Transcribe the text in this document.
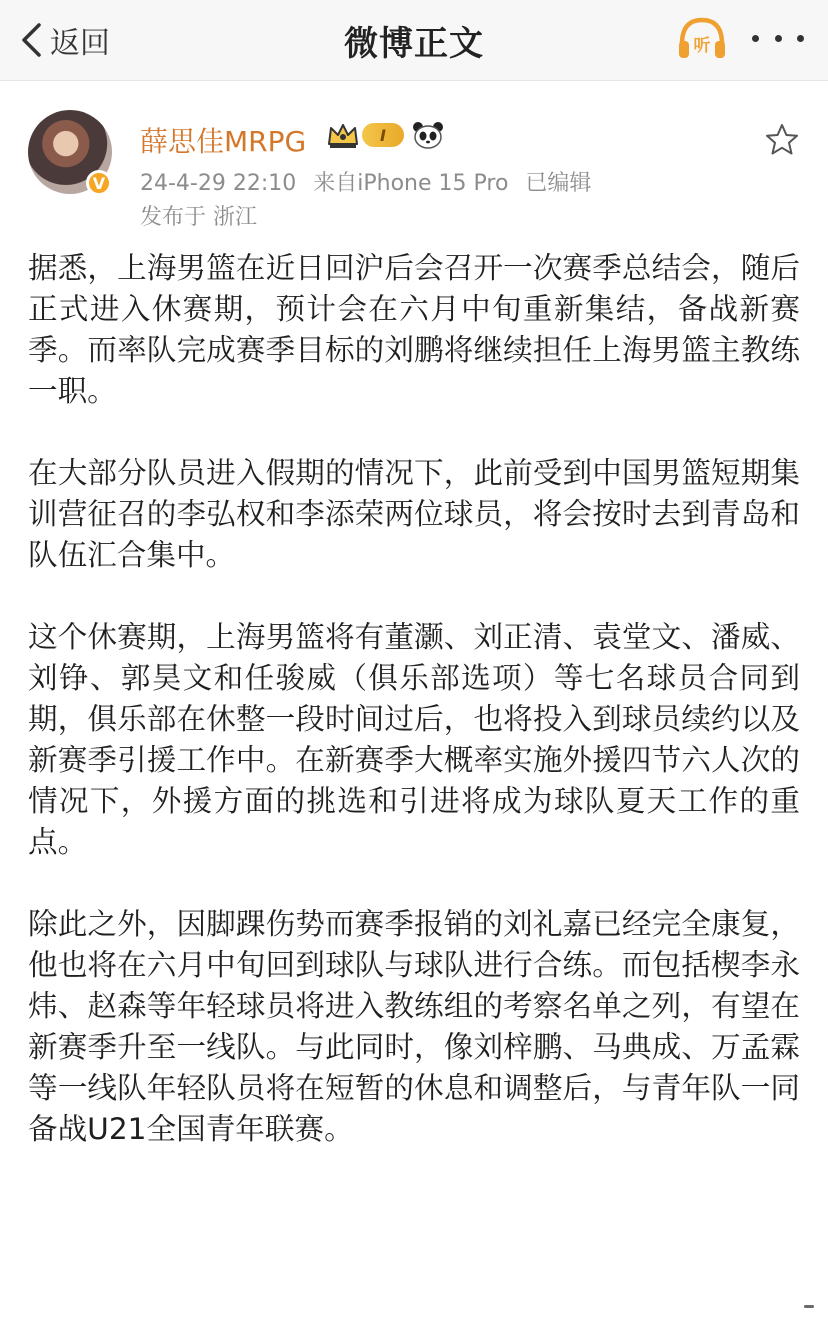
返回	微博正文	听
V
薛思佳MRPG	I
24-4-29 22:10 来自iPhone 15 Pro 已编辑
发布于 浙江

据悉，上海男篮在近日回沪后会召开一次赛季总结会，随后正式进入休赛期，预计会在六月中旬重新集结，备战新赛季。而率队完成赛季目标的刘鹏将继续担任上海男篮主教练一职。

在大部分队员进入假期的情况下，此前受到中国男篮短期集训营征召的李弘权和李添荣两位球员，将会按时去到青岛和队伍汇合集中。

这个休赛期，上海男篮将有董灏、刘正清、袁堂文、潘威、刘铮、郭昊文和任骏威（俱乐部选项）等七名球员合同到期，俱乐部在休整一段时间过后，也将投入到球员续约以及新赛季引援工作中。在新赛季大概率实施外援四节六人次的情况下，外援方面的挑选和引进将成为球队夏天工作的重点。

除此之外，因脚踝伤势而赛季报销的刘礼嘉已经完全康复，他也将在六月中旬回到球队与球队进行合练。而包括楔李永炜、赵森等年轻球员将进入教练组的考察名单之列，有望在新赛季升至一线队。与此同时，像刘梓鹏、马典成、万孟霖等一线队年轻队员将在短暂的休息和调整后，与青年队一同备战U21全国青年联赛。
